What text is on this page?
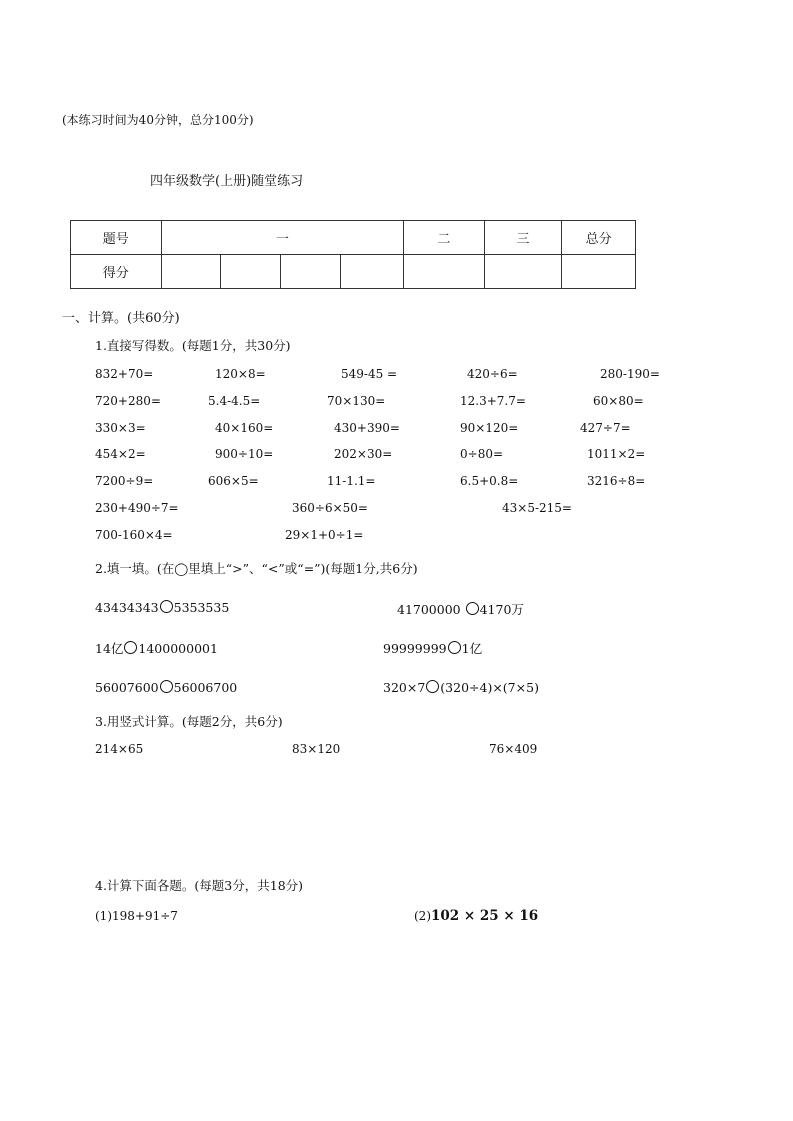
(本练习时间为40分钟，总分100分)
四年级数学(上册)随堂练习
题号	一				二	三	总分
得分							
一、计算。(共60分)
1.直接写得数。(每题1分，共30分)
832+70=	120×8=	549-45 =	420÷6=	280-190=
720+280=	5.4-4.5=	70×130=	12.3+7.7=	60×80=
330×3=	40×160=	430+390=	90×120=	427÷7=
454×2=	900÷10=	202×30=	0÷80=	1011×2=
7200÷9=	606×5=	11-1.1=	6.5+0.8=	3216÷8=
230+490÷7=	360÷6×50=	43×5-215=
700-160×4=	29×1+0÷1=
2.填一填。(在◯里填上“>”、“<”或“=”)(每题1分,共6分)
43434343 5353535	41700000 4170万
14亿 1400000001	99999999 1亿
56007600 56006700	320×7 (320÷4)×(7×5)
3.用竖式计算。(每题2分，共6分)
214×65	83×120	76×409
4.计算下面各题。(每题3分，共18分)
(1)198+91÷7	(2)102 × 25 × 16
